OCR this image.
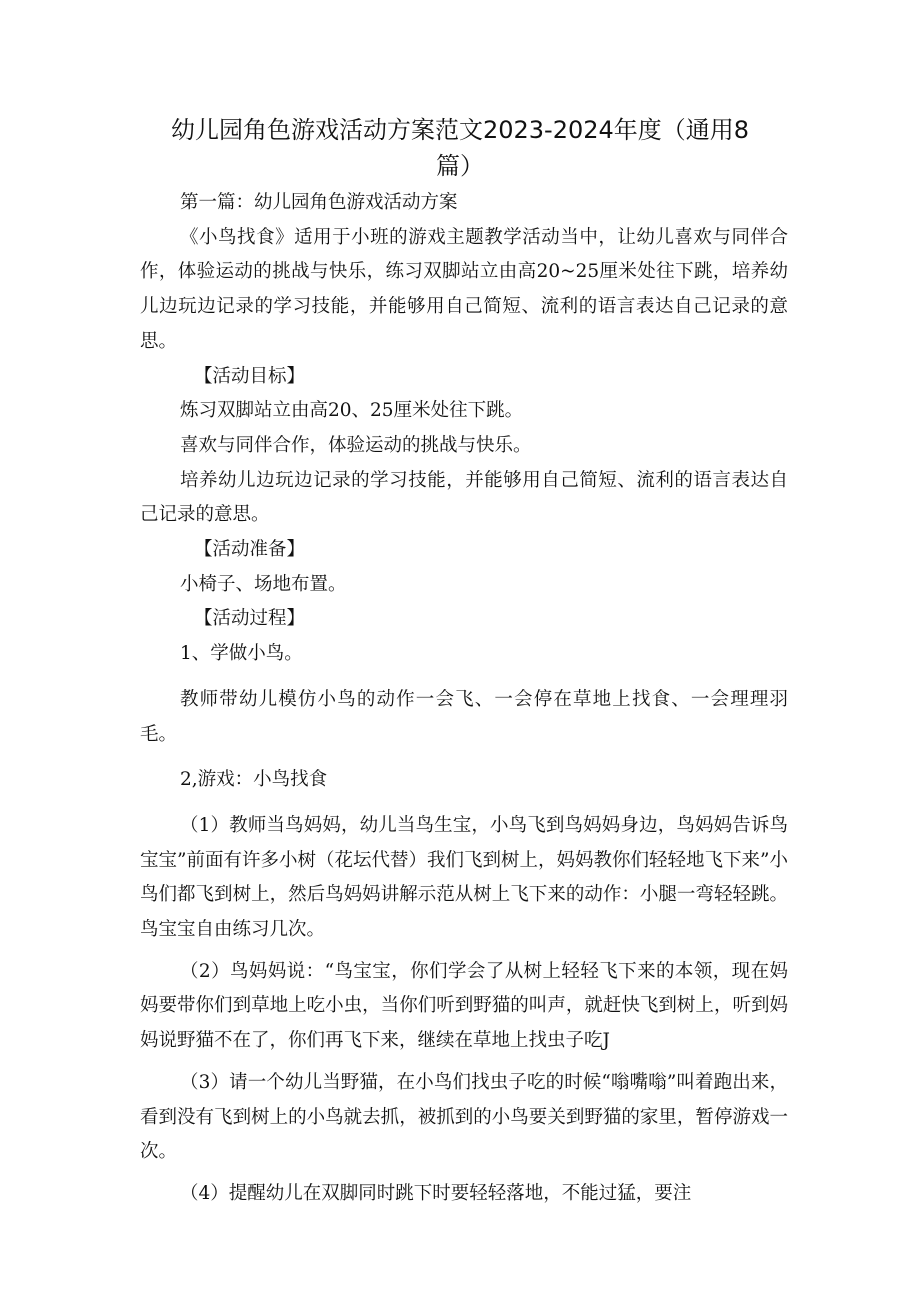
幼儿园角色游戏活动方案范文2023-2024年度（通用8
篇）

第一篇：幼儿园角色游戏活动方案

《小鸟找食》适用于小班的游戏主题教学活动当中，让幼儿喜欢与同伴合作，体验运动的挑战与快乐，练习双脚站立由高20~25厘米处往下跳，培养幼儿边玩边记录的学习技能，并能够用自己简短、流利的语言表达自己记录的意思。

【活动目标】

炼习双脚站立由高20、25厘米处往下跳。

喜欢与同伴合作，体验运动的挑战与快乐。

培养幼儿边玩边记录的学习技能，并能够用自己简短、流利的语言表达自己记录的意思。

【活动准备】

小椅子、场地布置。

【活动过程】

1、学做小鸟。

教师带幼儿模仿小鸟的动作一会飞、一会停在草地上找食、一会理理羽毛。

2,游戏：小鸟找食

（1）教师当鸟妈妈，幼儿当鸟生宝，小鸟飞到鸟妈妈身边，鸟妈妈告诉鸟宝宝”前面有许多小树（花坛代替）我们飞到树上，妈妈教你们轻轻地飞下来”小鸟们都飞到树上，然后鸟妈妈讲解示范从树上飞下来的动作：小腿一弯轻轻跳。鸟宝宝自由练习几次。

（2）鸟妈妈说：“鸟宝宝，你们学会了从树上轻轻飞下来的本领，现在妈妈要带你们到草地上吃小虫，当你们听到野猫的叫声，就赶快飞到树上，听到妈妈说野猫不在了，你们再飞下来，继续在草地上找虫子吃J

（3）请一个幼儿当野猫，在小鸟们找虫子吃的时候“嗡嘴嗡”叫着跑出来，看到没有飞到树上的小鸟就去抓，被抓到的小鸟要关到野猫的家里，暂停游戏一次。

（4）提醒幼儿在双脚同时跳下时要轻轻落地，不能过猛，要注
